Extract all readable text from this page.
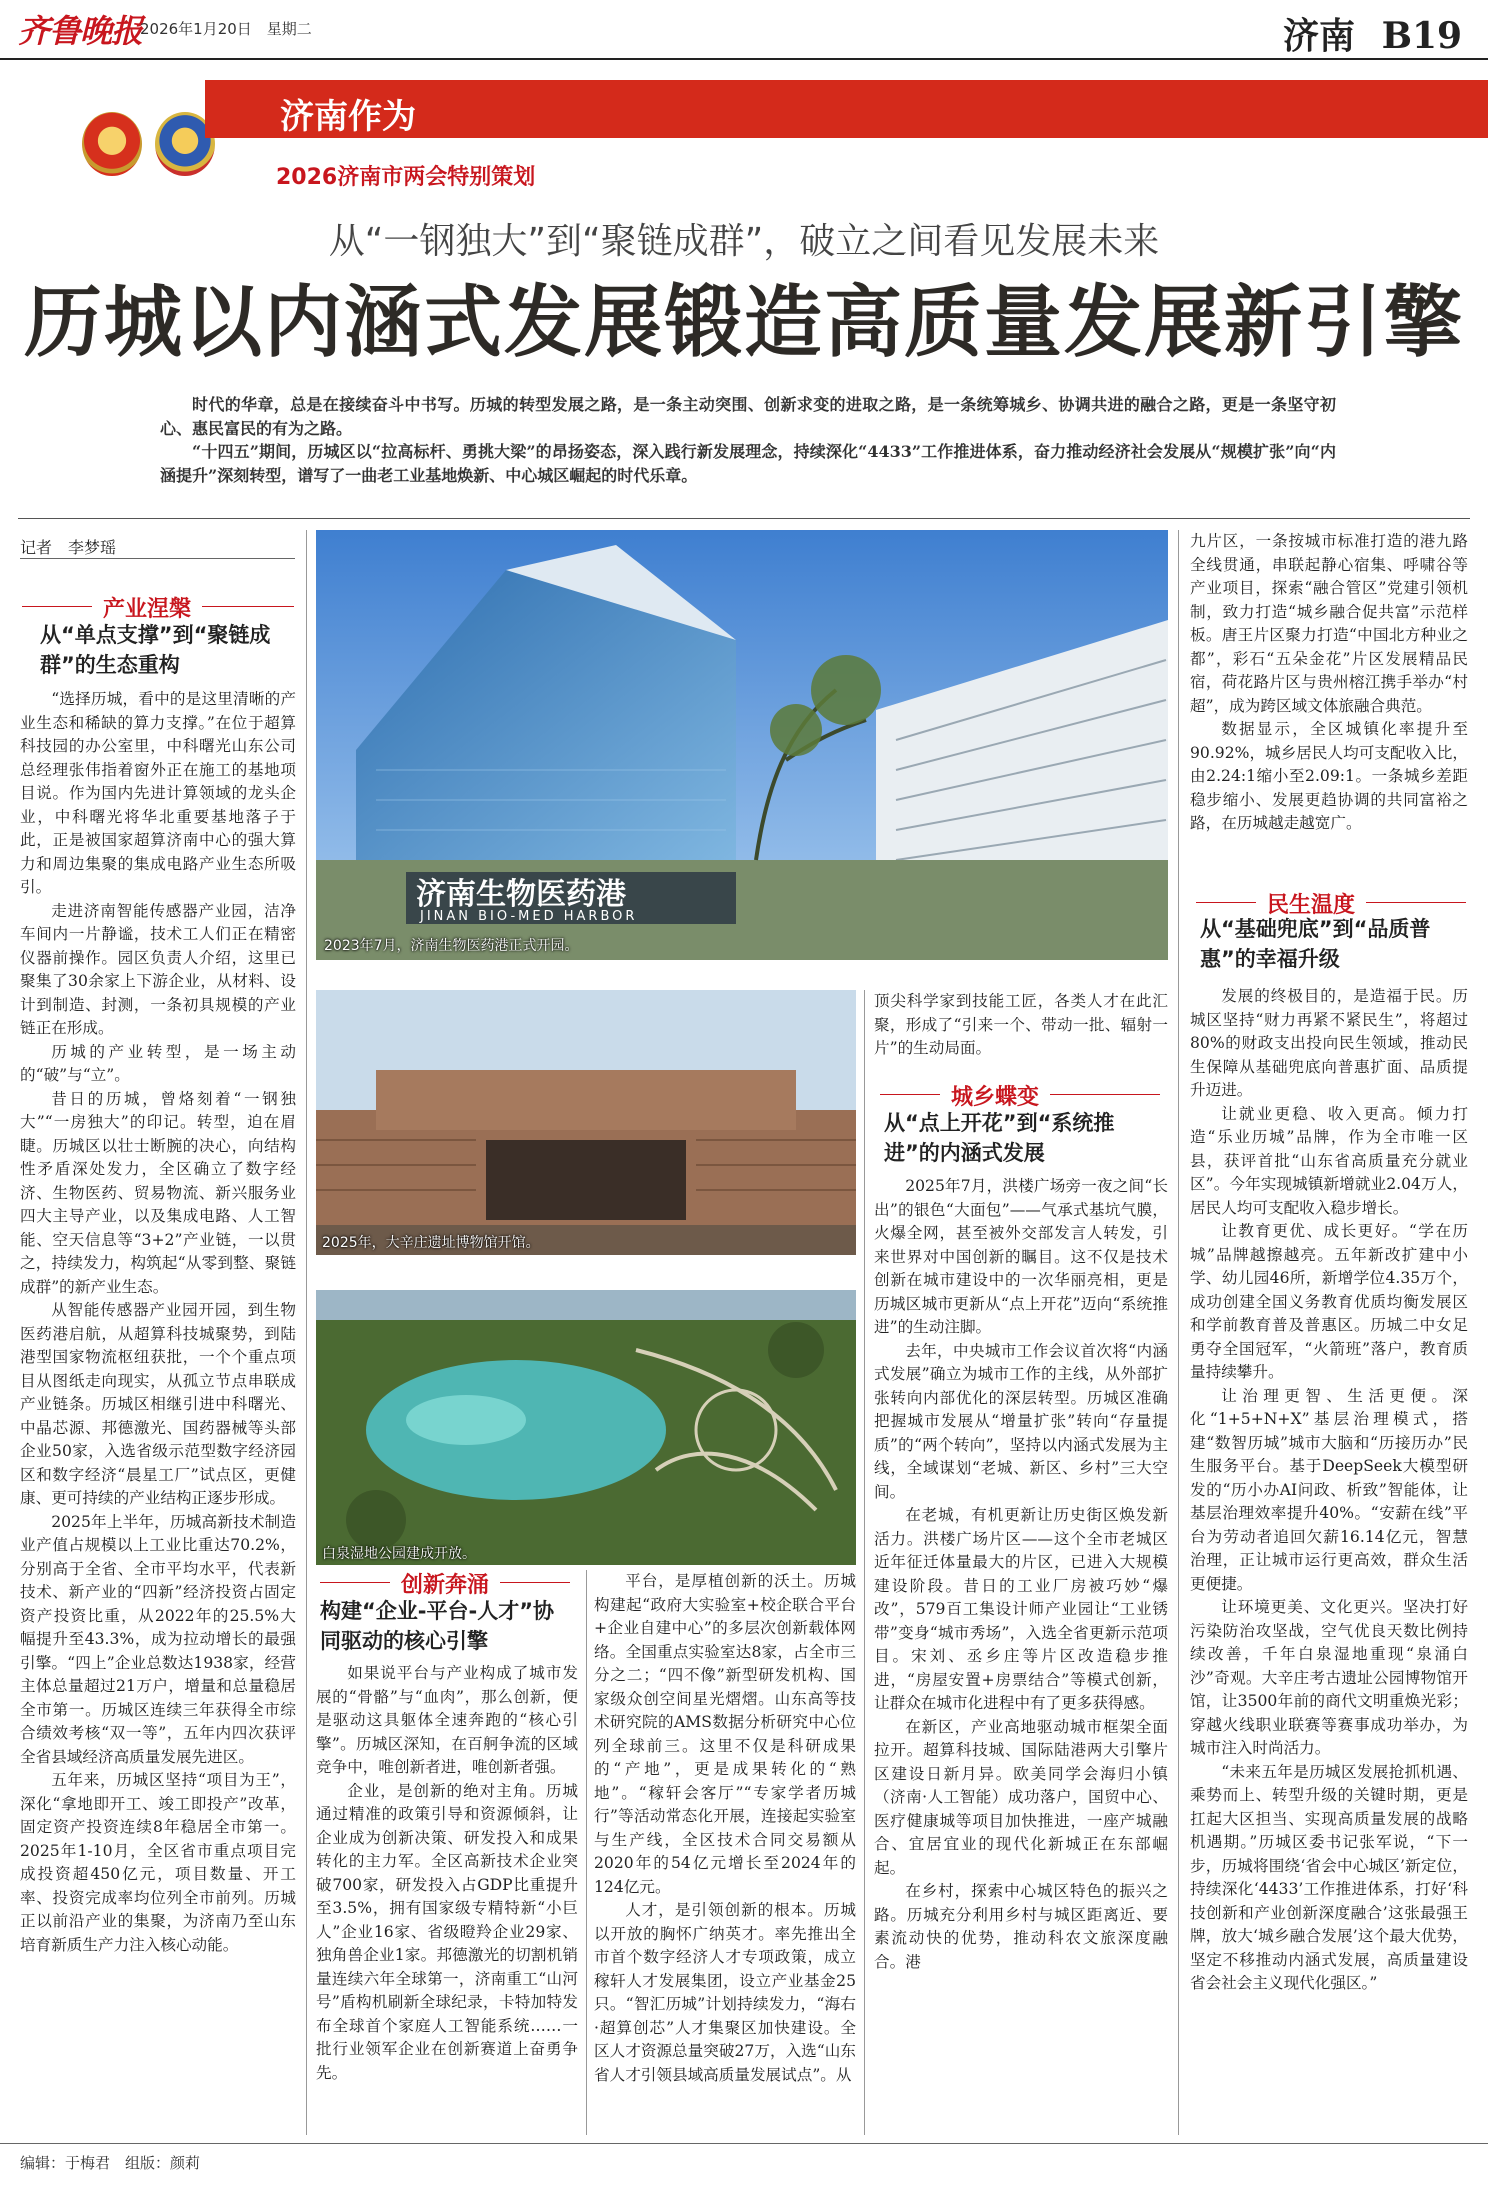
齐鲁晚报
2026年1月20日　星期二	济南 B19
济南作为
2026济南市两会特别策划
从“一钢独大”到“聚链成群”，破立之间看见发展未来
历城以内涵式发展锻造高质量发展新引擎

时代的华章，总是在接续奋斗中书写。历城的转型发展之路，是一条主动突围、创新求变的进取之路，是一条统筹城乡、协调共进的融合之路，更是一条坚守初心、惠民富民的有为之路。

“十四五”期间，历城区以“拉高标杆、勇挑大梁”的昂扬姿态，深入践行新发展理念，持续深化“4433”工作推进体系，奋力推动经济社会发展从“规模扩张”向“内涵提升”深刻转型，谱写了一曲老工业基地焕新、中心城区崛起的时代乐章。

记者　李梦瑶
产业涅槃
从“单点支撑”到“聚链成群”的生态重构

“选择历城，看中的是这里清晰的产业生态和稀缺的算力支撑。”在位于超算科技园的办公室里，中科曙光山东公司总经理张伟指着窗外正在施工的基地项目说。作为国内先进计算领域的龙头企业，中科曙光将华北重要基地落子于此，正是被国家超算济南中心的强大算力和周边集聚的集成电路产业生态所吸引。

走进济南智能传感器产业园，洁净车间内一片静谧，技术工人们正在精密仪器前操作。园区负责人介绍，这里已聚集了30余家上下游企业，从材料、设计到制造、封测，一条初具规模的产业链正在形成。

历城的产业转型，是一场主动的“破”与“立”。

昔日的历城，曾烙刻着“一钢独大”“一房独大”的印记。转型，迫在眉睫。历城区以壮士断腕的决心，向结构性矛盾深处发力，全区确立了数字经济、生物医药、贸易物流、新兴服务业四大主导产业，以及集成电路、人工智能、空天信息等“3+2”产业链，一以贯之，持续发力，构筑起“从零到整、聚链成群”的新产业生态。

从智能传感器产业园开园，到生物医药港启航，从超算科技城聚势，到陆港型国家物流枢纽获批，一个个重点项目从图纸走向现实，从孤立节点串联成产业链条。历城区相继引进中科曙光、中晶芯源、邦德激光、国药器械等头部企业50家，入选省级示范型数字经济园区和数字经济“晨星工厂”试点区，更健康、更可持续的产业结构正逐步形成。

2025年上半年，历城高新技术制造业产值占规模以上工业比重达70.2%，分别高于全省、全市平均水平，代表新技术、新产业的“四新”经济投资占固定资产投资比重，从2022年的25.5%大幅提升至43.3%，成为拉动增长的最强引擎。“四上”企业总数达1938家，经营主体总量超过21万户，增量和总量稳居全市第一。历城区连续三年获得全市综合绩效考核“双一等”，五年内四次获评全省县域经济高质量发展先进区。

五年来，历城区坚持“项目为王”，深化“拿地即开工、竣工即投产”改革，固定资产投资连续8年稳居全市第一。2025年1-10月，全区省市重点项目完成投资超450亿元，项目数量、开工率、投资完成率均位列全市前列。历城正以前沿产业的集聚，为济南乃至山东培育新质生产力注入核心动能。

济南生物医药港
JINAN BIO-MED HARBOR
2023年7月，济南生物医药港正式开园。
2025年，大辛庄遗址博物馆开馆。
白泉湿地公园建成开放。
创新奔涌
构建“企业-平台-人才”协同驱动的核心引擎

如果说平台与产业构成了城市发展的“骨骼”与“血肉”，那么创新，便是驱动这具躯体全速奔跑的“核心引擎”。历城区深知，在百舸争流的区域竞争中，唯创新者进，唯创新者强。

企业，是创新的绝对主角。历城通过精准的政策引导和资源倾斜，让企业成为创新决策、研发投入和成果转化的主力军。全区高新技术企业突破700家，研发投入占GDP比重提升至3.5%，拥有国家级专精特新“小巨人”企业16家、省级瞪羚企业29家、独角兽企业1家。邦德激光的切割机销量连续六年全球第一，济南重工“山河号”盾构机刷新全球纪录，卡特加特发布全球首个家庭人工智能系统……一批行业领军企业在创新赛道上奋勇争先。

平台，是厚植创新的沃土。历城构建起“政府大实验室+校企联合平台+企业自建中心”的多层次创新载体网络。全国重点实验室达8家，占全市三分之二；“四不像”新型研发机构、国家级众创空间星光熠熠。山东高等技术研究院的AMS数据分析研究中心位列全球前三。这里不仅是科研成果的“产地”，更是成果转化的“熟地”。“稼轩会客厅”“专家学者历城行”等活动常态化开展，连接起实验室与生产线，全区技术合同交易额从2020年的54亿元增长至2024年的124亿元。

人才，是引领创新的根本。历城以开放的胸怀广纳英才。率先推出全市首个数字经济人才专项政策，成立稼轩人才发展集团，设立产业基金25只。“智汇历城”计划持续发力，“海右·超算创芯”人才集聚区加快建设。全区人才资源总量突破27万，入选“山东省人才引领县域高质量发展试点”。从

顶尖科学家到技能工匠，各类人才在此汇聚，形成了“引来一个、带动一批、辐射一片”的生动局面。

城乡蝶变
从“点上开花”到“系统推进”的内涵式发展

2025年7月，洪楼广场旁一夜之间“长出”的银色“大面包”——气承式基坑气膜，火爆全网，甚至被外交部发言人转发，引来世界对中国创新的瞩目。这不仅是技术创新在城市建设中的一次华丽亮相，更是历城区城市更新从“点上开花”迈向“系统推进”的生动注脚。

去年，中央城市工作会议首次将“内涵式发展”确立为城市工作的主线，从外部扩张转向内部优化的深层转型。历城区准确把握城市发展从“增量扩张”转向“存量提质”的“两个转向”，坚持以内涵式发展为主线，全域谋划“老城、新区、乡村”三大空间。

在老城，有机更新让历史街区焕发新活力。洪楼广场片区——这个全市老城区近年征迁体量最大的片区，已进入大规模建设阶段。昔日的工业厂房被巧妙“爆改”，579百工集设计师产业园让“工业锈带”变身“城市秀场”，入选全省更新示范项目。宋刘、丞乡庄等片区改造稳步推进，“房屋安置+房票结合”等模式创新，让群众在城市化进程中有了更多获得感。

在新区，产业高地驱动城市框架全面拉开。超算科技城、国际陆港两大引擎片区建设日新月异。欧美同学会海归小镇（济南·人工智能）成功落户，国贸中心、医疗健康城等项目加快推进，一座产城融合、宜居宜业的现代化新城正在东部崛起。

在乡村，探索中心城区特色的振兴之路。历城充分利用乡村与城区距离近、要素流动快的优势，推动科农文旅深度融合。港

九片区，一条按城市标准打造的港九路全线贯通，串联起静心宿集、呼啸谷等产业项目，探索“融合管区”党建引领机制，致力打造“城乡融合促共富”示范样板。唐王片区聚力打造“中国北方种业之都”，彩石“五朵金花”片区发展精品民宿，荷花路片区与贵州榕江携手举办“村超”，成为跨区域文体旅融合典范。

数据显示，全区城镇化率提升至90.92%，城乡居民人均可支配收入比，由2.24:1缩小至2.09:1。一条城乡差距稳步缩小、发展更趋协调的共同富裕之路，在历城越走越宽广。

民生温度
从“基础兜底”到“品质普惠”的幸福升级

发展的终极目的，是造福于民。历城区坚持“财力再紧不紧民生”，将超过80%的财政支出投向民生领域，推动民生保障从基础兜底向普惠扩面、品质提升迈进。

让就业更稳、收入更高。倾力打造“乐业历城”品牌，作为全市唯一区县，获评首批“山东省高质量充分就业区”。今年实现城镇新增就业2.04万人，居民人均可支配收入稳步增长。

让教育更优、成长更好。“学在历城”品牌越擦越亮。五年新改扩建中小学、幼儿园46所，新增学位4.35万个，成功创建全国义务教育优质均衡发展区和学前教育普及普惠区。历城二中女足勇夺全国冠军，“火箭班”落户，教育质量持续攀升。

让治理更智、生活更便。深化“1+5+N+X”基层治理模式，搭建“数智历城”城市大脑和“历接历办”民生服务平台。基于DeepSeek大模型研发的“历小办AI问政、析致”智能体，让基层治理效率提升40%。“安薪在线”平台为劳动者追回欠薪16.14亿元，智慧治理，正让城市运行更高效，群众生活更便捷。

让环境更美、文化更兴。坚决打好污染防治攻坚战，空气优良天数比例持续改善，千年白泉湿地重现“泉涌白沙”奇观。大辛庄考古遗址公园博物馆开馆，让3500年前的商代文明重焕光彩；穿越火线职业联赛等赛事成功举办，为城市注入时尚活力。

“未来五年是历城区发展抢抓机遇、乘势而上、转型升级的关键时期，更是扛起大区担当、实现高质量发展的战略机遇期。”历城区委书记张军说，“下一步，历城将围绕‘省会中心城区’新定位，持续深化‘4433’工作推进体系，打好‘科技创新和产业创新深度融合’这张最强王牌，放大‘城乡融合发展’这个最大优势，坚定不移推动内涵式发展，高质量建设省会社会主义现代化强区。”

编辑：于梅君　组版：颜莉
